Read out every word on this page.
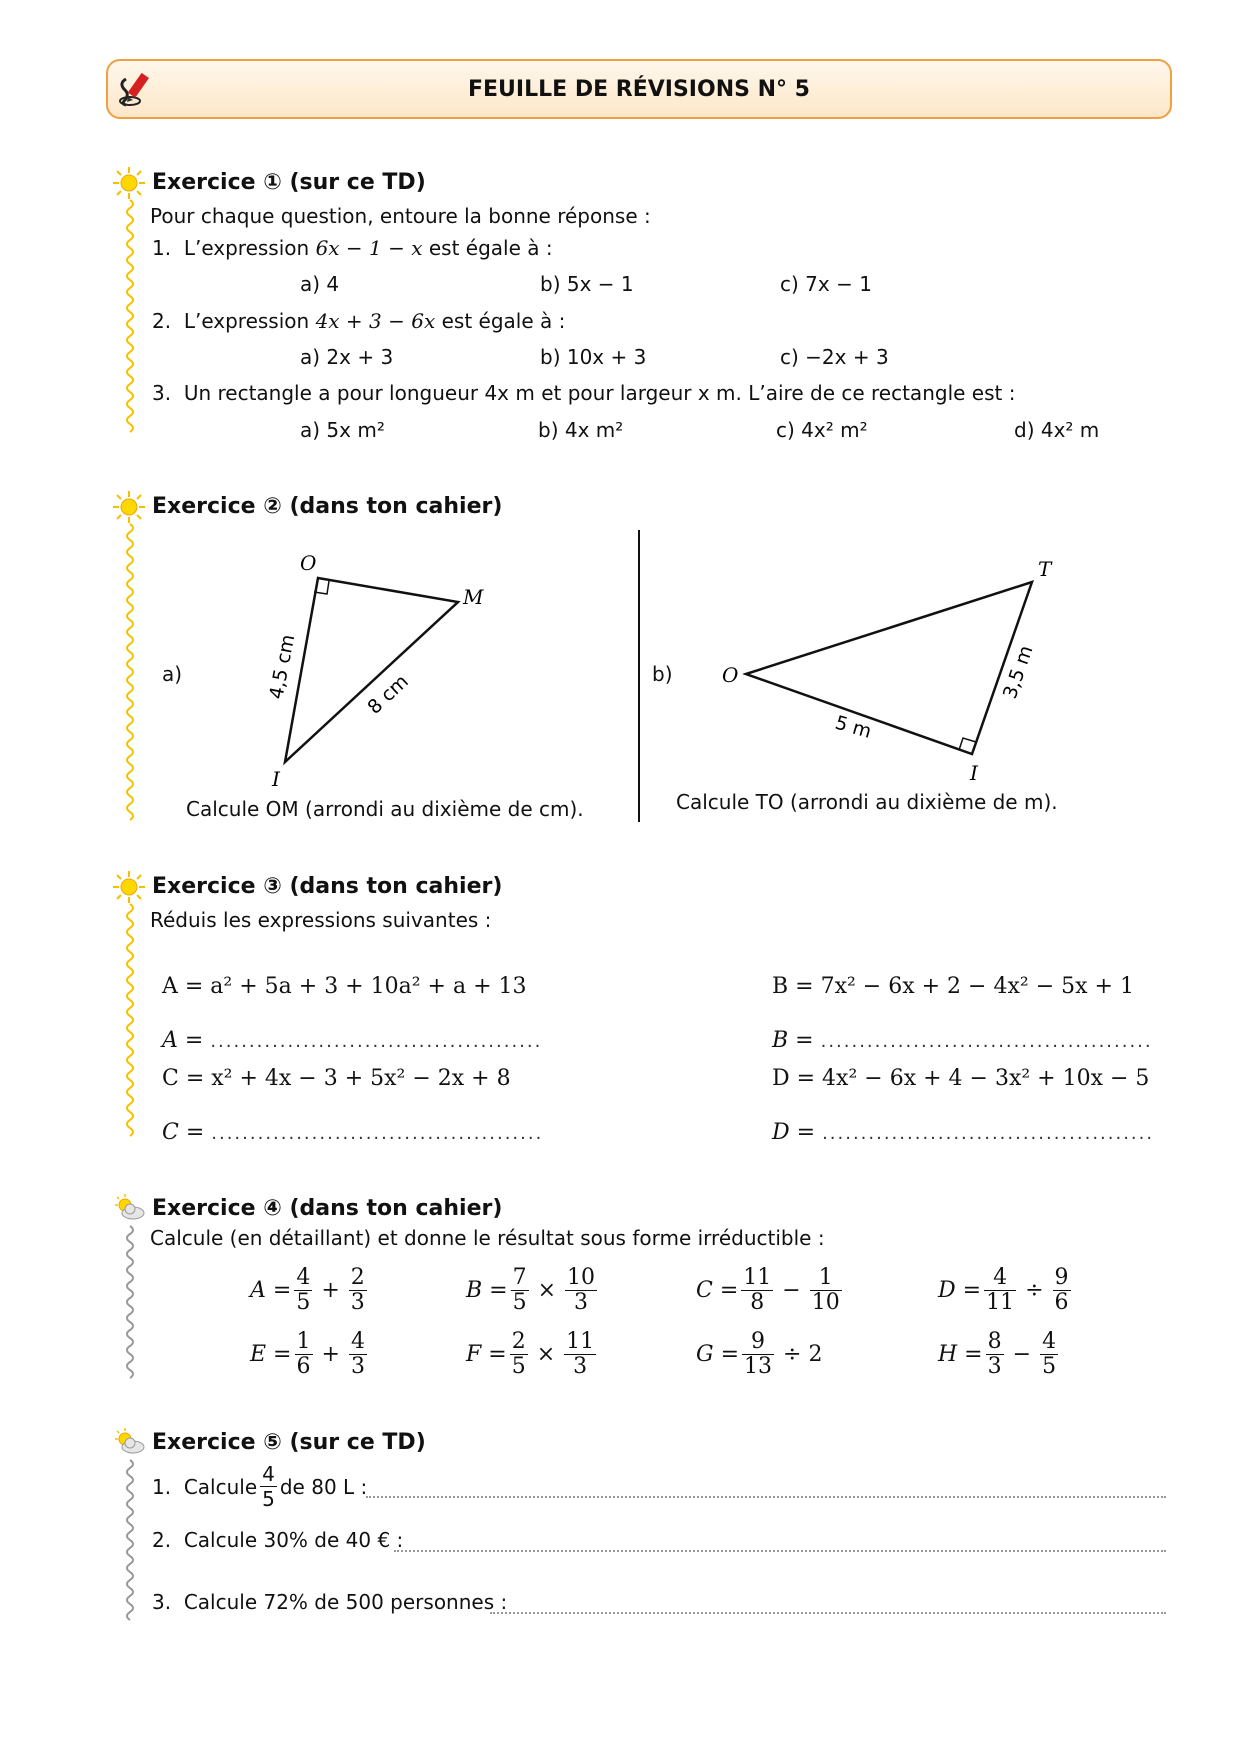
FEUILLE DE RÉVISIONS N° 5
Exercice ① (sur ce TD)
Pour chaque question, entoure la bonne réponse :
1. L’expression 6x − 1 − x est égale à :
a) 4	b) 5x − 1	c) 7x − 1
2. L’expression 4x + 3 − 6x est égale à :
a) 2x + 3	b) 10x + 3	c) −2x + 3
3. Un rectangle a pour longueur 4x m et pour largeur x m. L’aire de ce rectangle est :
a) 5x m²	b) 4x m²	c) 4x² m²	d) 4x² m
Exercice ② (dans ton cahier)
a)
O
M
I
4,5 cm	8 cm
Calcule OM (arrondi au dixième de cm).
b) O
T
I
3,5 m
5 m
Calcule TO (arrondi au dixième de m).
Exercice ③ (dans ton cahier)
Réduis les expressions suivantes :
A = a² + 5a + 3 + 10a² + a + 13	B = 7x² − 6x + 2 − 4x² − 5x + 1
A = ...........................................	B = ...........................................
C = x² + 4x − 3 + 5x² − 2x + 8	D = 4x² − 6x + 4 − 3x² + 10x − 5
C = ...........................................	D = ...........................................
Exercice ④ (dans ton cahier)
Calcule (en détaillant) et donne le résultat sous forme irréductible :
$A = \frac{4}{5} + \frac{2}{3}$	$B = \frac{7}{5} \times \frac{10}{3}$	$C = \frac{11}{8} - \frac{1}{10}$	$D = \frac{4}{11} \div \frac{9}{6}$
$E = \frac{1}{6} + \frac{4}{3}$	$F = \frac{2}{5} \times \frac{11}{3}$	$G = \frac{9}{13} \div 2$	$H = \frac{8}{3} - \frac{4}{5}$
Exercice ⑤ (sur ce TD)
1.
Calcule $\frac{4}{5}$ de 80 L :
2. Calcule 30% de 40 € :
3. Calcule 72% de 500 personnes :
